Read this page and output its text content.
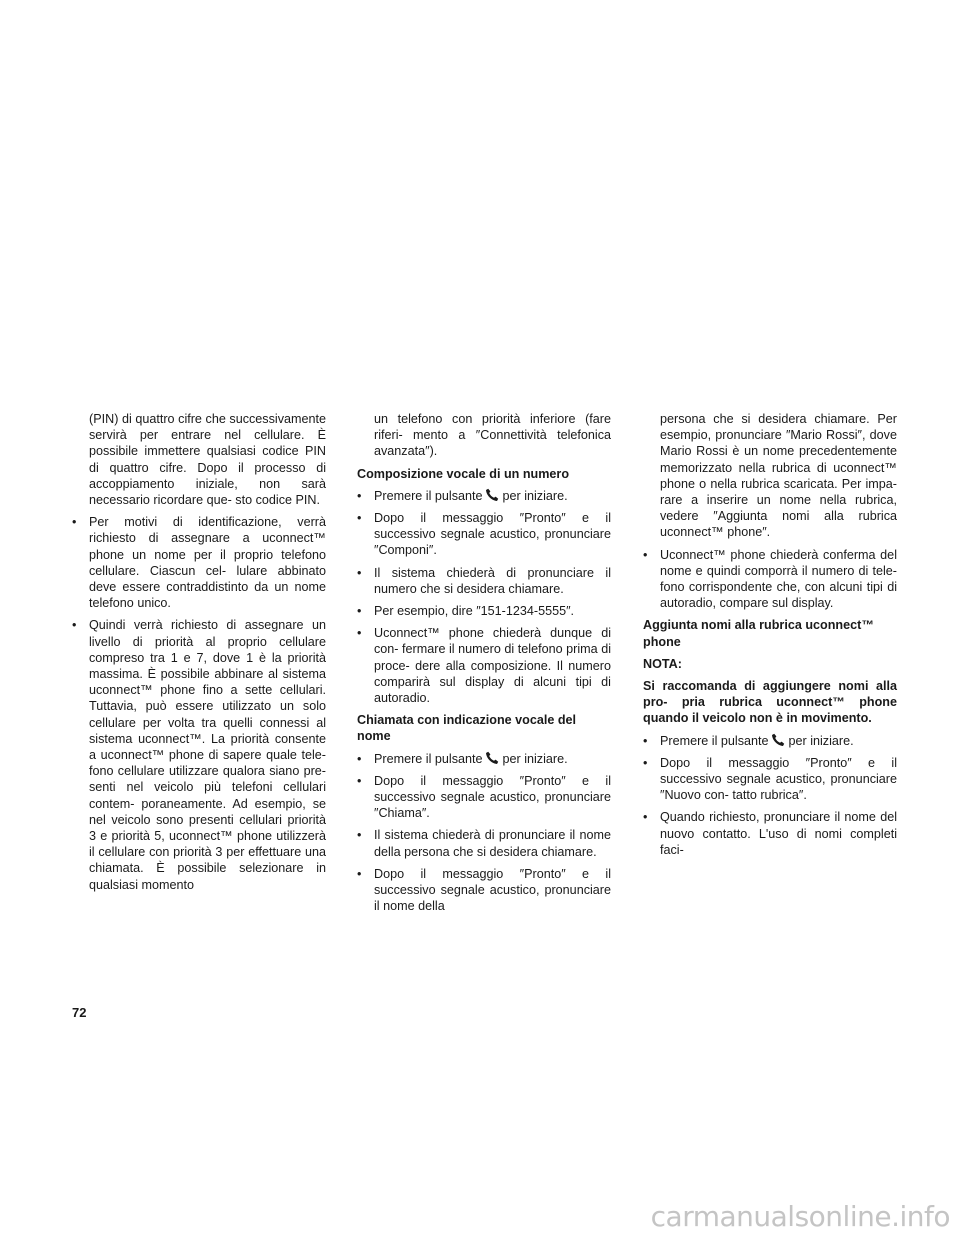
(PIN) di quattro cifre che successivamente servirà per entrare nel cellulare. È possibile immettere qualsiasi codice PIN di quattro cifre. Dopo il processo di accoppiamento iniziale, non sarà necessario ricordare que- sto codice PIN.

• Per motivi di identificazione, verrà richiesto di assegnare a uconnect™ phone un nome per il proprio telefono cellulare. Ciascun cel- lulare abbinato deve essere contraddistinto da un nome telefono unico.
• Quindi verrà richiesto di assegnare un livello di priorità al proprio cellulare compreso tra 1 e 7, dove 1 è la priorità massima. È possibile abbinare al sistema uconnect™ phone fino a sette cellulari. Tuttavia, può essere utilizzato un solo cellulare per volta tra quelli connessi al sistema uconnect™. La priorità consente a uconnect™ phone di sapere quale tele- fono cellulare utilizzare qualora siano pre- senti nel veicolo più telefoni cellulari contem- poraneamente. Ad esempio, se nel veicolo sono presenti cellulari priorità 3 e priorità 5, uconnect™ phone utilizzerà il cellulare con priorità 3 per effettuare una chiamata. È possibile selezionare in qualsiasi momento

un telefono con priorità inferiore (fare riferi- mento a ″Connettività telefonica avanzata″).

Composizione vocale di un numero
• Premere il pulsante per iniziare.
• Dopo il messaggio ″Pronto″ e il successivo segnale acustico, pronunciare ″Componi″.
• Il sistema chiederà di pronunciare il numero che si desidera chiamare.
• Per esempio, dire ″151-1234-5555″.
• Uconnect™ phone chiederà dunque di con- fermare il numero di telefono prima di proce- dere alla composizione. Il numero comparirà sul display di alcuni tipi di autoradio.
Chiamata con indicazione vocale del nome
• Premere il pulsante per iniziare.
• Dopo il messaggio ″Pronto″ e il successivo segnale acustico, pronunciare ″Chiama″.
• Il sistema chiederà di pronunciare il nome della persona che si desidera chiamare.
• Dopo il messaggio ″Pronto″ e il successivo segnale acustico, pronunciare il nome della

persona che si desidera chiamare. Per esempio, pronunciare ″Mario Rossi″, dove Mario Rossi è un nome precedentemente memorizzato nella rubrica di uconnect™ phone o nella rubrica scaricata. Per impa- rare a inserire un nome nella rubrica, vedere ″Aggiunta nomi alla rubrica uconnect™ phone″.

• Uconnect™ phone chiederà conferma del nome e quindi comporrà il numero di tele- fono corrispondente che, con alcuni tipi di autoradio, compare sul display.
Aggiunta nomi alla rubrica uconnect™ phone
NOTA:
Si raccomanda di aggiungere nomi alla pro- pria rubrica uconnect™ phone quando il veicolo non è in movimento.
• Premere il pulsante per iniziare.
• Dopo il messaggio ″Pronto″ e il successivo segnale acustico, pronunciare ″Nuovo con- tatto rubrica″.
• Quando richiesto, pronunciare il nome del nuovo contatto. L'uso di nomi completi faci-
72
carmanualsonline.info
